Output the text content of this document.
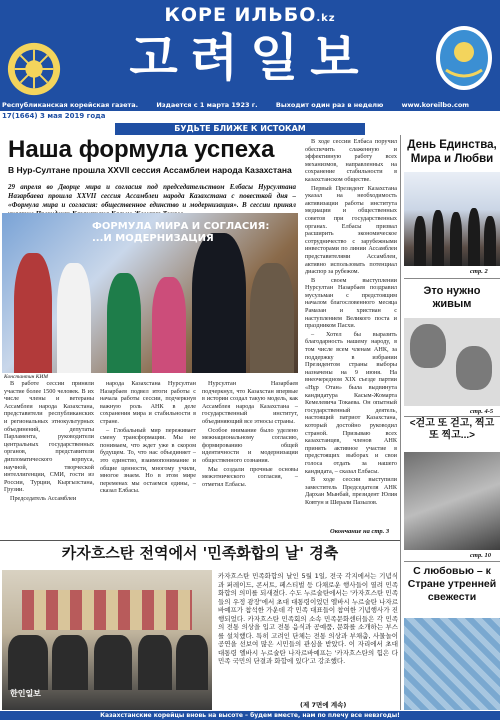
КОРЕ ИЛЬБО.kz
고려일보
Республиканская корейская газета.	Издается с 1 марта 1923 г.	Выходит один раз в неделю	www.koreilbo.com
17(1664) 3 мая 2019 года
БУДЬТЕ БЛИЖЕ К ИСТОКАМ
Наша формула успеха
В Нур-Султане прошла XXVII сессия Ассамблеи народа Казахстана
29 апреля во Дворце мира и согласия под председательством Елбасы Нурсултана Назарбаева прошла XXVII сессия Ассамблеи народа Казахстана с повесткой дня – «Формула мира и согласия: общественное единство и модернизация». В сессии принял
ФОРМУЛА МИРА И СОГЛАСИЯ: ...И МОДЕРНИЗАЦИЯ
Константин КИМ

В работе сессии приняли участие более 1500 человек. В их числе члены и ветераны Ассамблеи народа Казахстана, представители республиканских и региональных этнокультурных объединений, депутаты Парламента, руководители центральных государственных органов, представители дипломатического корпуса, научной, творческой интеллигенции, СМИ, гости из России, Турции, Кыргызстана, Грузии.

Председатель Ассамблеи

народа Казахстана Нурсултан Назарбаев подвел итоги работы с начала работы сессии, подчеркнув важную роль АНК в деле сохранения мира и стабильности в стране.

– Глобальный мир переживает смену трансформации. Мы не понимаем, что ждет уже в скором будущем. То, что нас объединяет – это единство, взаимопонимание и общие ценности, многому учили, многое знаем. Но в этом мире переменах мы остаемся едины, – сказал Елбасы.

Нурсултан Назарбаев подчеркнул, что Казахстан впервые в истории создал такую модель, как Ассамблея народа Казахстана – государственный институт, объединяющий все этносы страны.

Особое внимание было уделено межнациональному согласию, формированию общей идентичности и модернизации общественного сознания.

Мы создали прочные основы межэтнического согласия, – отметил Елбасы.

В ходе сессии Елбаса поручил обеспечить слаженную и эффективную работу всех механизмов, направленных на сохранение стабильности в казахстанском обществе.

Первый Президент Казахстана указал на необходимость активизации работы института медиации и общественных советов при государственных органах. Елбасы призвал расширить экономическое сотрудничество с зарубежными инвесторами по линии Ассамблеи представителями Ассамблеи, активно использовать потенциал диаспор за рубежом.

В своем выступлении Нурсултан Назарбаев поздравил мусульман с предстоящим началом благословенного месяца Рамазан и христиан с наступлением Великого поста и праздником Пасхи.

– Хотел бы выразить благодарность нашему народу, в том числе всем членам АНК, за поддержку в избрании Президентом страны выборы назначены на 9 июня. На внеочередном XIX съезде партии «Нұр Отан» была выдвинута кандидатура Касым-Жомарта Кемелевича Токаева. Он опытный государственный деятель, настоящий патриот Казахстана, который достойно руководил страной. Призываю всех казахстанцев, членов АНК принять активное участие в предстоящих выборах и свои голоса отдать за нашего кандидата, – сказал Елбасы.

В ходе сессии выступили заместитель Председателя АНК Дархан Мынбай, президент Юлия Ковтун и Шерали Пазылов.

Окончание на стр. 3
카자흐스탄 전역에서 '민족화합의 날' 경축
한인일보
카자흐스탄 민족화합의 날인 5월 1일, 전국 각지에서는 기념식과 퍼레이드, 콘서트, 페스티벌 등 다채로운 행사들이 열려 민족화합의 의미를 되새겼다. 수도 누르술탄에서는 '카자흐스탄 민족들의 우정 광장'에서 초대 대통령이었던 엘바시 누르술탄 나자르바예프가 참석한 가운데 각 민족 대표들이 참여한 기념행사가 진행되었다. 카자흐스탄 민족회의 소속 민족문화센터들은 각 민족의 전통 의상을 입고 전통 음식과 공예품, 문화를 소개하는 부스를 설치했다. 특히 고려인 단체는 전통 의상과 부채춤, 사물놀이 공연을 선보여 많은 시민들의 관심을 받았다. 이 자리에서 초대대통령 엘바시 누르술탄 나자르바예프는 '카자흐스탄의 힘은 다민족 국민의 단결과 화합에 있다'고 강조했다.
(제 7면에 계속)
День Единства, Мира и Любви
стр. 2
Это нужно живым
стр. 4-5
<걷고 또 걷고, 찍고 또 찍고...>
стр. 10
С любовью – к Стране утренней свежести
Казахстанские корейцы вновь на высоте – будем вместе, нам по плечу все невзгоды!
